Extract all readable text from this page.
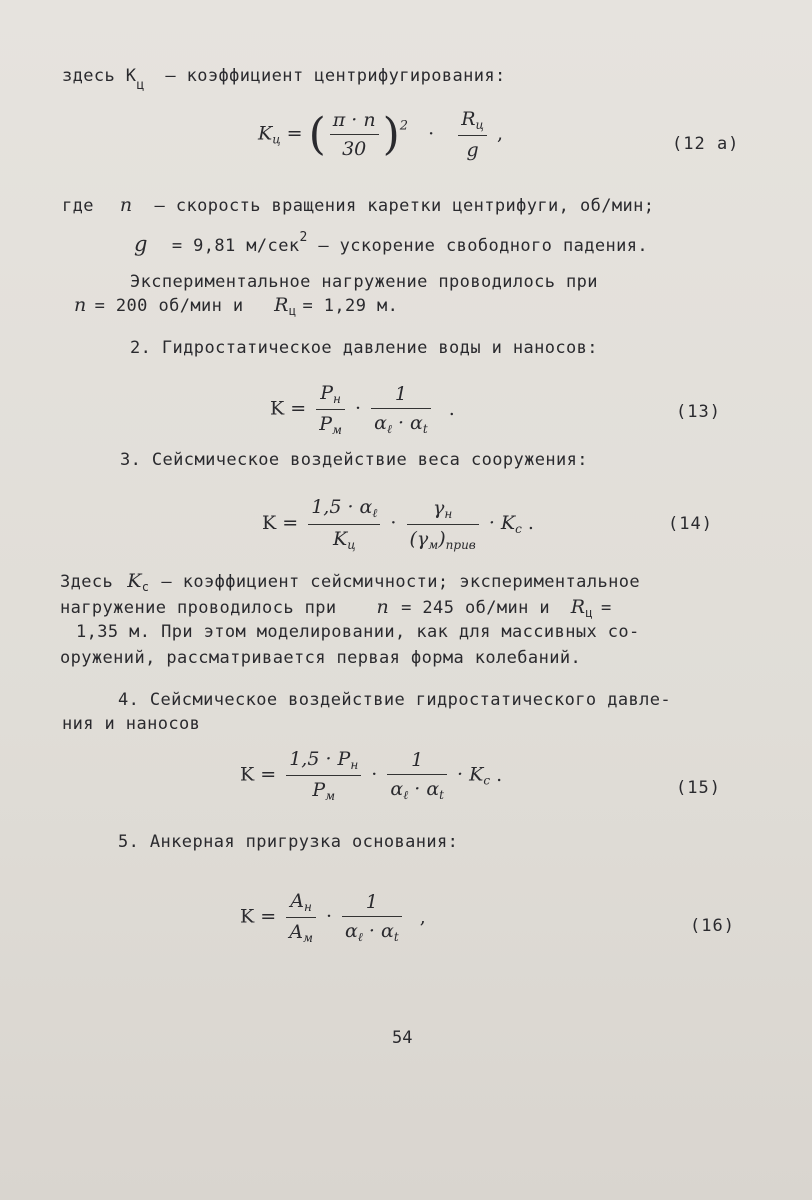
здесь $К_ц$ – коэффициент центрифугирования:
$K_ц$ = ( $\frac{\pi \cdot n}{30} )^2 \cdot \frac{R_ц}{g}$ ,	(12 a)
где n – скорость вращения каретки центрифуги, об/мин;
g = 9,81 м/сек$^2$ – ускорение свободного падения.
Экспериментальное нагружение проводилось при
n = 200 об/мин и $R_ц = 1,29$ м.
2. Гидростатическое давление воды и наносов:
$K = \frac{P_н}{P_м} \cdot \frac{1}{\alpha_\ell \cdot \alpha_t}$ .	(13)
3. Сейсмическое воздействие веса сооружения:
$K = \frac{1,5 \cdot \alpha_\ell}{K_ц} \cdot \frac{\gamma_н}{(\gamma_м)_{прив}} \cdot K_c$ .	(14)
Здесь $K_c$ – коэффициент сейсмичности; экспериментальное
нагружение проводилось при n = 245 об/мин и $R_ц$ =
1,35 м. При этом моделировании, как для массивных со-
оружений, рассматривается первая форма колебаний.
4. Сейсмическое воздействие гидростатического давле-
ния и наносов
$K = \frac{1,5 \cdot P_н}{P_м} \cdot \frac{1}{\alpha_\ell \cdot \alpha_t} \cdot K_c$ .
(15)
5. Анкерная пригрузка основания:
$K = \frac{A_н}{A_м} \cdot \frac{1}{\alpha_\ell \cdot \alpha_t}$ ,	(16)
54
